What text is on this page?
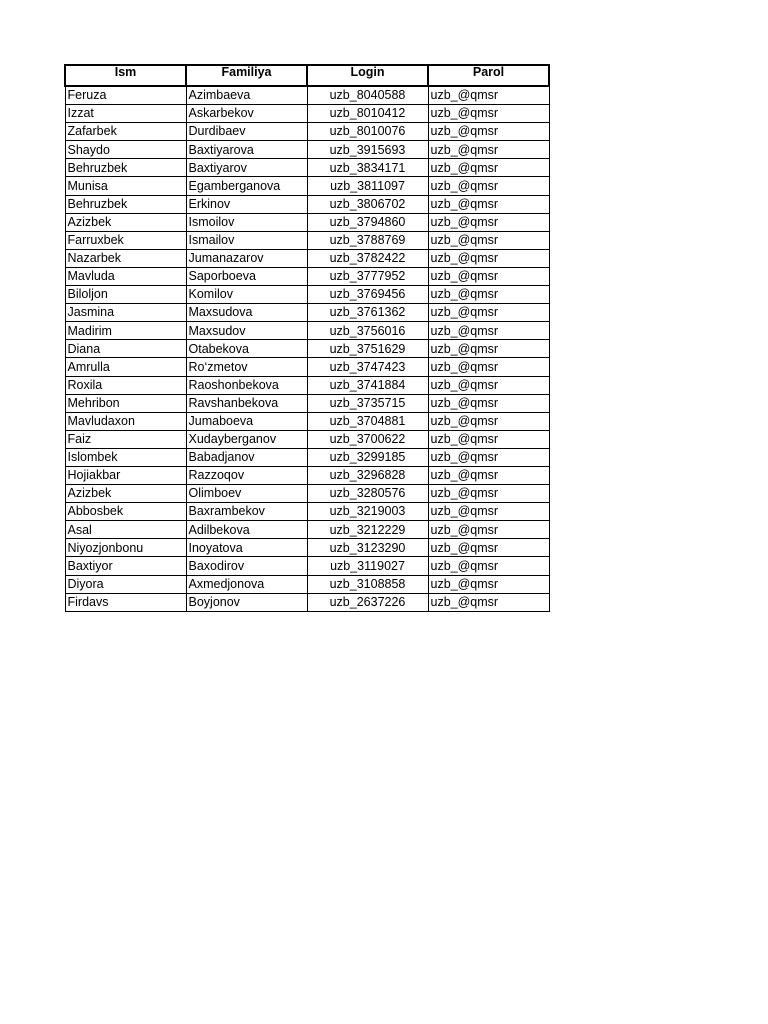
Ism	Familiya	Login	Parol
Feruza	Azimbaeva	uzb_8040588	uzb_@qmsr
Izzat	Askarbekov	uzb_8010412	uzb_@qmsr
Zafarbek	Durdibaev	uzb_8010076	uzb_@qmsr
Shaydo	Baxtiyarova	uzb_3915693	uzb_@qmsr
Behruzbek	Baxtiyarov	uzb_3834171	uzb_@qmsr
Munisa	Egamberganova	uzb_3811097	uzb_@qmsr
Behruzbek	Erkinov	uzb_3806702	uzb_@qmsr
Azizbek	Ismoilov	uzb_3794860	uzb_@qmsr
Farruxbek	Ismailov	uzb_3788769	uzb_@qmsr
Nazarbek	Jumanazarov	uzb_3782422	uzb_@qmsr
Mavluda	Saporboeva	uzb_3777952	uzb_@qmsr
Biloljon	Komilov	uzb_3769456	uzb_@qmsr
Jasmina	Maxsudova	uzb_3761362	uzb_@qmsr
Madirim	Maxsudov	uzb_3756016	uzb_@qmsr
Diana	Otabekova	uzb_3751629	uzb_@qmsr
Amrulla	Ro‘zmetov	uzb_3747423	uzb_@qmsr
Roxila	Raoshonbekova	uzb_3741884	uzb_@qmsr
Mehribon	Ravshanbekova	uzb_3735715	uzb_@qmsr
Mavludaxon	Jumaboeva	uzb_3704881	uzb_@qmsr
Faiz	Xudayberganov	uzb_3700622	uzb_@qmsr
Islombek	Babadjanov	uzb_3299185	uzb_@qmsr
Hojiakbar	Razzoqov	uzb_3296828	uzb_@qmsr
Azizbek	Olimboev	uzb_3280576	uzb_@qmsr
Abbosbek	Baxrambekov	uzb_3219003	uzb_@qmsr
Asal	Adilbekova	uzb_3212229	uzb_@qmsr
Niyozjonbonu	Inoyatova	uzb_3123290	uzb_@qmsr
Baxtiyor	Baxodirov	uzb_3119027	uzb_@qmsr
Diyora	Axmedjonova	uzb_3108858	uzb_@qmsr
Firdavs	Boyjonov	uzb_2637226	uzb_@qmsr
